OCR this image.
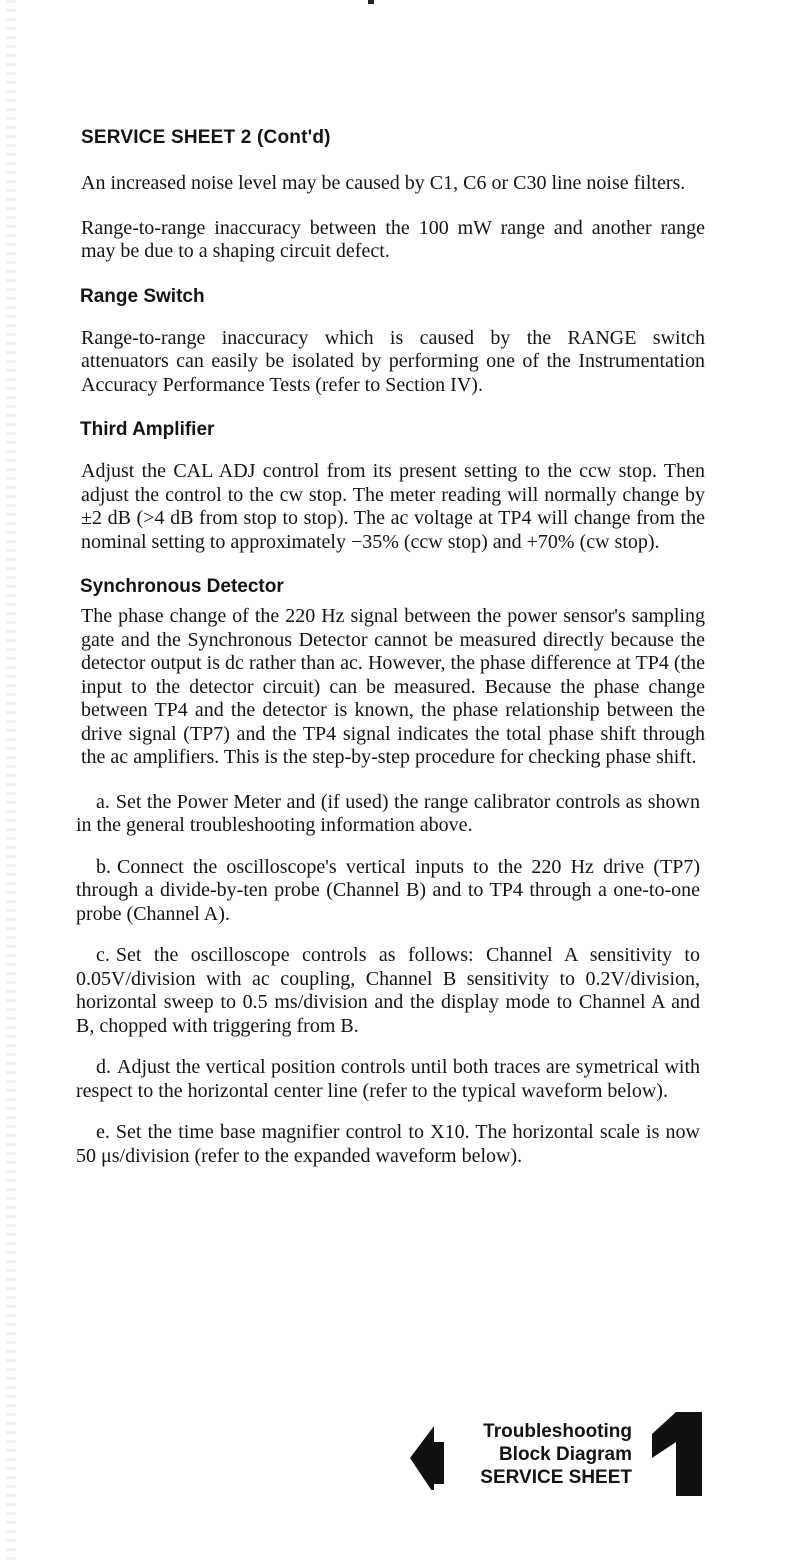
SERVICE SHEET 2 (Cont'd)

An increased noise level may be caused by C1, C6 or C30 line noise filters.

Range-to-range inaccuracy between the 100 mW range and another range may be due to a shaping circuit defect.

Range Switch

Range-to-range inaccuracy which is caused by the RANGE switch attenuators can easily be isolated by performing one of the Instrumentation Accuracy Performance Tests (refer to Section IV).

Third Amplifier

Adjust the CAL ADJ control from its present setting to the ccw stop. Then adjust the control to the cw stop. The meter reading will normally change by ±2 dB (>4 dB from stop to stop). The ac voltage at TP4 will change from the nominal setting to approximately −35% (ccw stop) and +70% (cw stop).

Synchronous Detector

The phase change of the 220 Hz signal between the power sensor's sampling gate and the Synchronous Detector cannot be measured directly because the detector output is dc rather than ac. However, the phase difference at TP4 (the input to the detector circuit) can be measured. Because the phase change between TP4 and the detector is known, the phase relationship between the drive signal (TP7) and the TP4 signal indicates the total phase shift through the ac amplifiers. This is the step-by-step procedure for checking phase shift.

a. Set the Power Meter and (if used) the range calibrator controls as shown in the general troubleshooting information above.
b. Connect the oscilloscope's vertical inputs to the 220 Hz drive (TP7) through a divide-by-ten probe (Channel B) and to TP4 through a one-to-one probe (Channel A).
c. Set the oscilloscope controls as follows: Channel A sensitivity to 0.05V/division with ac coupling, Channel B sensitivity to 0.2V/division, horizontal sweep to 0.5 ms/division and the display mode to Channel A and B, chopped with triggering from B.
d. Adjust the vertical position controls until both traces are symetrical with respect to the horizontal center line (refer to the typical waveform below).
e. Set the time base magnifier control to X10. The horizontal scale is now 50 μs/division (refer to the expanded waveform below).
Troubleshooting
Block Diagram
SERVICE SHEET
